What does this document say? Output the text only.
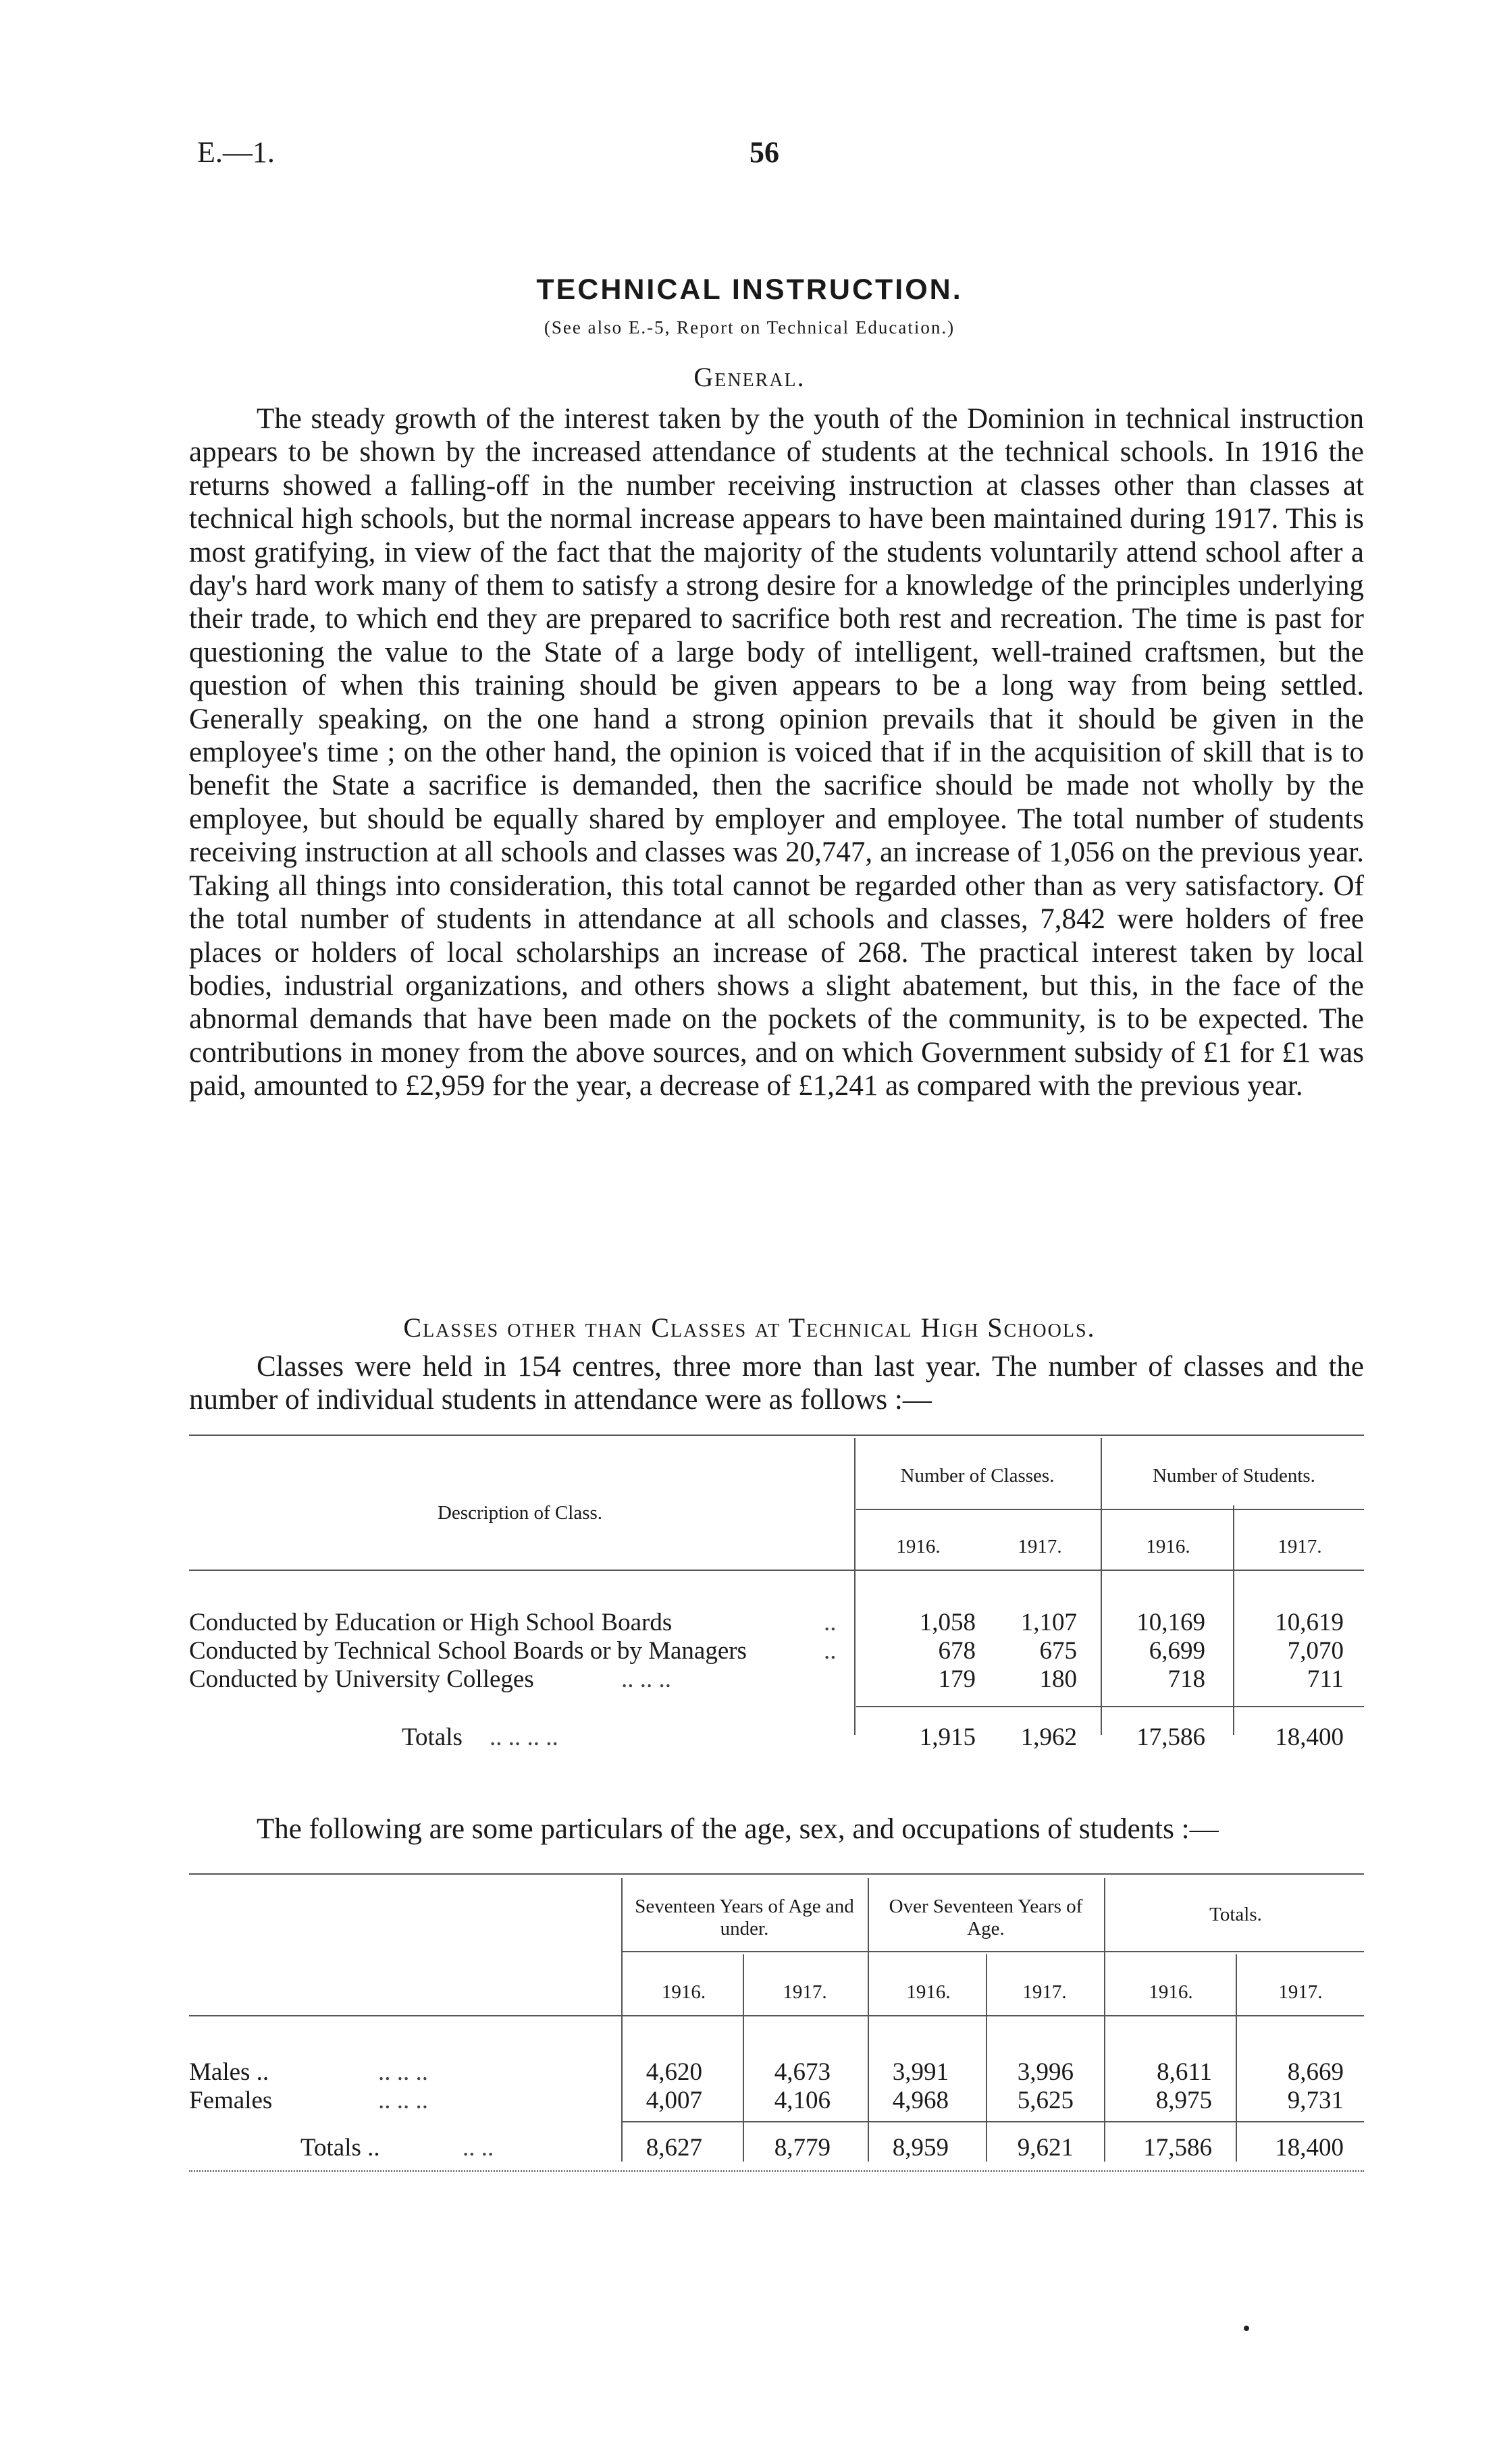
E.—1.	56
TECHNICAL INSTRUCTION.
(See also E.-5, Report on Technical Education.)
General.

The steady growth of the interest taken by the youth of the Dominion in technical instruction appears to be shown by the increased attendance of students at the technical schools. In 1916 the returns showed a falling-off in the number receiving instruction at classes other than classes at technical high schools, but the normal increase appears to have been maintained during 1917. This is most gratifying, in view of the fact that the majority of the students voluntarily attend school after a day's hard work many of them to satisfy a strong desire for a knowledge of the principles underlying their trade, to which end they are prepared to sacrifice both rest and recreation. The time is past for questioning the value to the State of a large body of intelligent, well-trained craftsmen, but the question of when this training should be given appears to be a long way from being settled. Generally speaking, on the one hand a strong opinion prevails that it should be given in the employee's time ; on the other hand, the opinion is voiced that if in the acquisition of skill that is to benefit the State a sacrifice is demanded, then the sacrifice should be made not wholly by the employee, but should be equally shared by employer and employee. The total number of students receiving instruction at all schools and classes was 20,747, an increase of 1,056 on the previous year. Taking all things into consideration, this total cannot be regarded other than as very satisfactory. Of the total number of students in attendance at all schools and classes, 7,842 were holders of free places or holders of local scholarships an increase of 268. The practical interest taken by local bodies, industrial organizations, and others shows a slight abatement, but this, in the face of the abnormal demands that have been made on the pockets of the community, is to be expected. The contributions in money from the above sources, and on which Government subsidy of £1 for £1 was paid, amounted to £2,959 for the year, a decrease of £1,241 as compared with the previous year.

Classes other than Classes at Technical High Schools.

Classes were held in 154 centres, three more than last year. The number of classes and the number of individual students in attendance were as follows :—

Description of Class.
Number of Classes.	Number of Students.
1916.	1917.	1916.	1917.
Conducted by Education or High School Boards	..	1,058	1,107	10,169	10,619
Conducted by Technical School Boards or by Managers	..	678	675	6,699	7,070
Conducted by University Colleges	.. .. ..	179	180	718	711
Totals .. .. .. ..	1,915	1,962	17,586	18,400

The following are some particulars of the age, sex, and occupations of students :—

Seventeen Years of Age and under.
Over Seventeen Years of Age.
Totals.
1916.	1917.	1916.	1917.	1916.	1917.
Males ..	.. .. ..	4,620	4,673	3,991	3,996	8,611	8,669
Females	.. .. ..	4,007	4,106	4,968	5,625	8,975	9,731
Totals ..	.. ..	8,627	8,779	8,959	9,621	17,586	18,400
